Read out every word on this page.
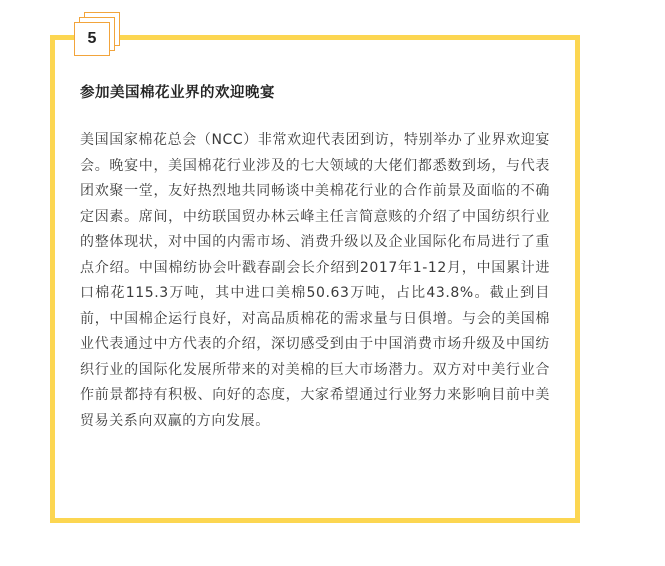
5
参加美国棉花业界的欢迎晚宴

美国国家棉花总会（NCC）非常欢迎代表团到访，特别举办了业界欢迎宴会。晚宴中，美国棉花行业涉及的七大领域的大佬们都悉数到场，与代表团欢聚一堂，友好热烈地共同畅谈中美棉花行业的合作前景及面临的不确定因素。席间，中纺联国贸办林云峰主任言简意赅的介绍了中国纺织行业的整体现状，对中国的内需市场、消费升级以及企业国际化布局进行了重点介绍。中国棉纺协会叶戳春副会长介绍到2017年1-12月，中国累计进口棉花115.3万吨，其中进口美棉50.63万吨，占比43.8%。截止到目前，中国棉企运行良好，对高品质棉花的需求量与日俱增。与会的美国棉业代表通过中方代表的介绍，深切感受到由于中国消费市场升级及中国纺织行业的国际化发展所带来的对美棉的巨大市场潜力。双方对中美行业合作前景都持有积极、向好的态度，大家希望通过行业努力来影响目前中美贸易关系向双赢的方向发展。
